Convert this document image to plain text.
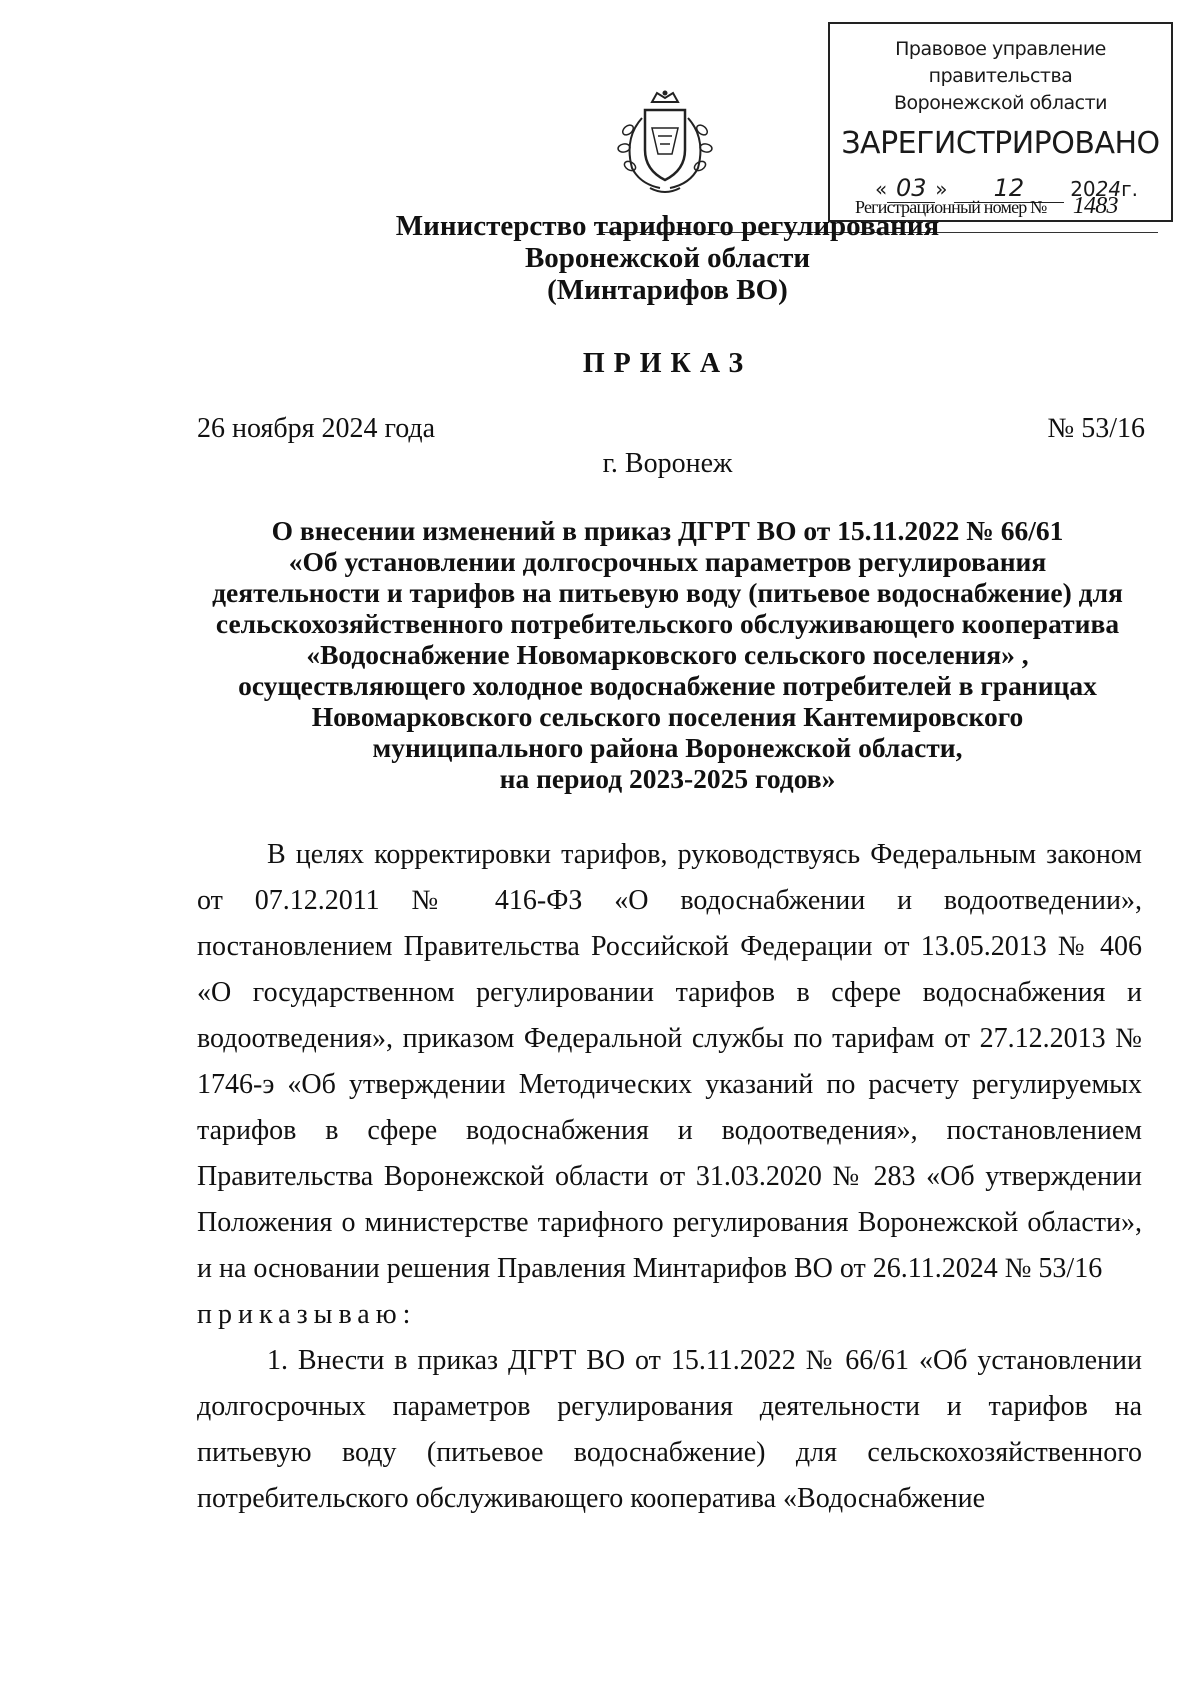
Правовое управление правительства
Воронежской области
ЗАРЕГИСТРИРОВАНО
« 03 » 12 2024г.
Регистрационный номер № 1483
Министерство тарифного регулирования
Воронежской области
(Минтарифов ВО)
ПРИКАЗ
26 ноября 2024 года	№ 53/16
г. Воронеж
О внесении изменений в приказ ДГРТ ВО от 15.11.2022 № 66/61
«Об установлении долгосрочных параметров регулирования
деятельности и тарифов на питьевую воду (питьевое водоснабжение) для
сельскохозяйственного потребительского обслуживающего кооператива
«Водоснабжение Новомарковского сельского поселения» ,
осуществляющего холодное водоснабжение потребителей в границах
Новомарковского сельского поселения Кантемировского
муниципального района Воронежской области,
на период 2023-2025 годов»

В целях корректировки тарифов, руководствуясь Федеральным законом от 07.12.2011 № 416-ФЗ «О водоснабжении и водоотведении», постановлением Правительства Российской Федерации от 13.05.2013 № 406 «О государственном регулировании тарифов в сфере водоснабжения и водоотведения», приказом Федеральной службы по тарифам от 27.12.2013 № 1746-э «Об утверждении Методических указаний по расчету регулируемых тарифов в сфере водоснабжения и водоотведения», постановлением Правительства Воронежской области от 31.03.2020 № 283 «Об утверждении Положения о министерстве тарифного регулирования Воронежской области», и на основании решения Правления Минтарифов ВО от 26.11.2024 № 53/16

приказываю:

1. Внести в приказ ДГРТ ВО от 15.11.2022 № 66/61 «Об установлении долгосрочных параметров регулирования деятельности и тарифов на питьевую воду (питьевое водоснабжение) для сельскохозяйственного потребительского обслуживающего кооператива «Водоснабжение
